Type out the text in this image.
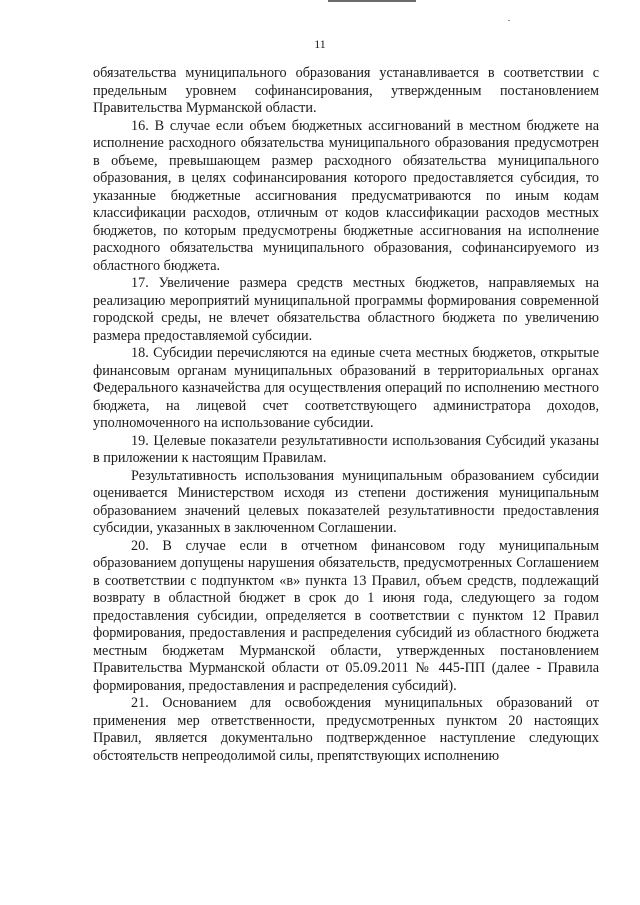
11

обязательства муниципального образования устанавливается в соответствии с предельным уровнем софинансирования, утвержденным постановлением Правительства Мурманской области.

16. В случае если объем бюджетных ассигнований в местном бюджете на исполнение расходного обязательства муниципального образования предусмотрен в объеме, превышающем размер расходного обязательства муниципального образования, в целях софинансирования которого предоставляется субсидия, то указанные бюджетные ассигнования предусматриваются по иным кодам классификации расходов, отличным от кодов классификации расходов местных бюджетов, по которым предусмотрены бюджетные ассигнования на исполнение расходного обязательства муниципального образования, софинансируемого из областного бюджета.

17. Увеличение размера средств местных бюджетов, направляемых на реализацию мероприятий муниципальной программы формирования современной городской среды, не влечет обязательства областного бюджета по увеличению размера предоставляемой субсидии.

18. Субсидии перечисляются на единые счета местных бюджетов, открытые финансовым органам муниципальных образований в территориальных органах Федерального казначейства для осуществления операций по исполнению местного бюджета, на лицевой счет соответствующего администратора доходов, уполномоченного на использование субсидии.

19. Целевые показатели результативности использования Субсидий указаны в приложении к настоящим Правилам.

Результативность использования муниципальным образованием субсидии оценивается Министерством исходя из степени достижения муниципальным образованием значений целевых показателей результативности предоставления субсидии, указанных в заключенном Соглашении.

20. В случае если в отчетном финансовом году муниципальным образованием допущены нарушения обязательств, предусмотренных Соглашением в соответствии с подпунктом «в» пункта 13 Правил, объем средств, подлежащий возврату в областной бюджет в срок до 1 июня года, следующего за годом предоставления субсидии, определяется в соответствии с пунктом 12 Правил формирования, предоставления и распределения субсидий из областного бюджета местным бюджетам Мурманской области, утвержденных постановлением Правительства Мурманской области от 05.09.2011 № 445-ПП (далее - Правила формирования, предоставления и распределения субсидий).

21. Основанием для освобождения муниципальных образований от применения мер ответственности, предусмотренных пунктом 20 настоящих Правил, является документально подтвержденное наступление следующих обстоятельств непреодолимой силы, препятствующих исполнению
